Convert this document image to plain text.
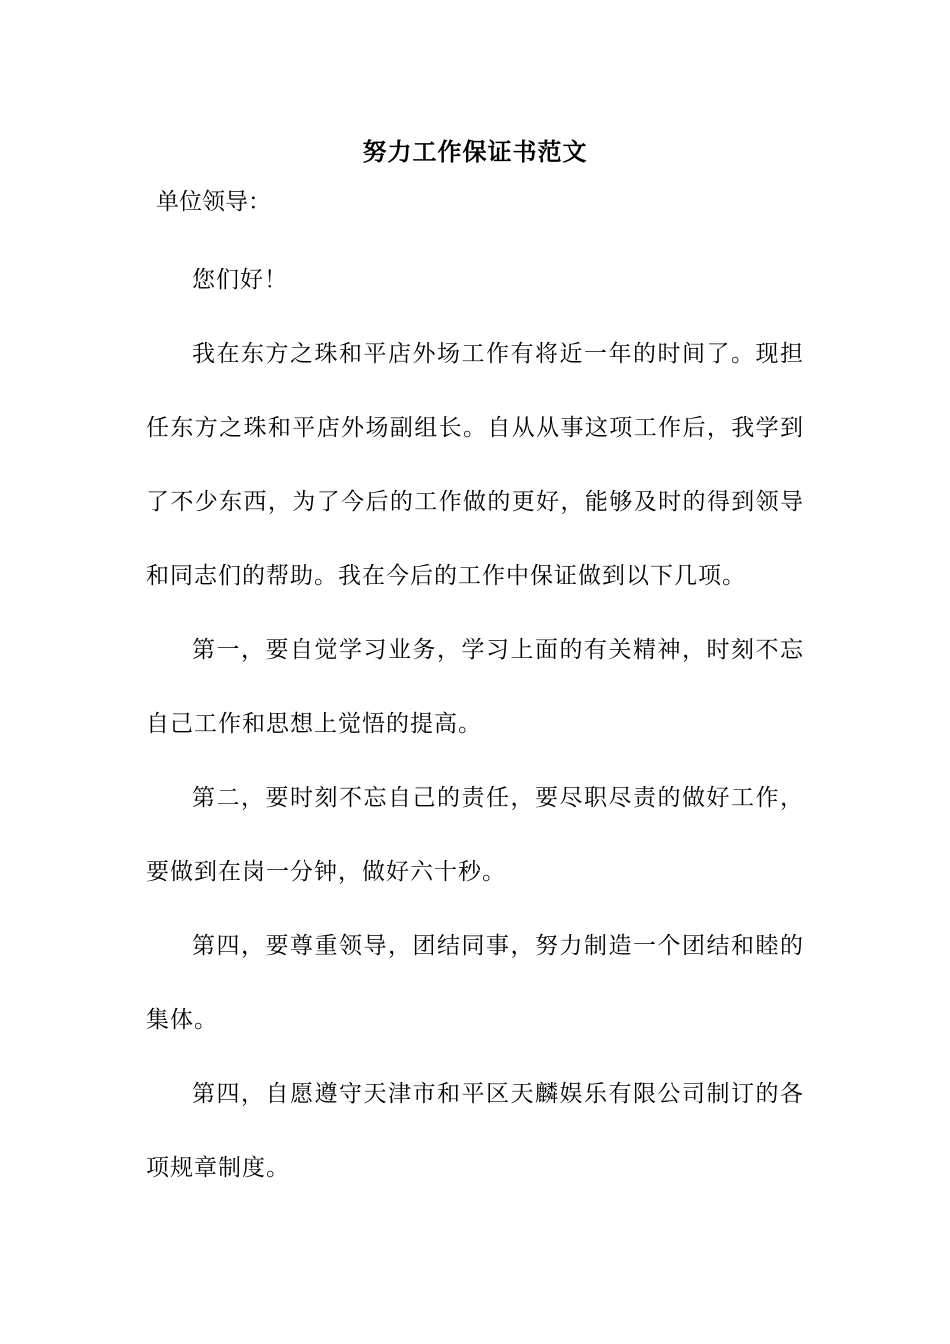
努力工作保证书范文
单位领导：

您们好！

我在东方之珠和平店外场工作有将近一年的时间了。现担任东方之珠和平店外场副组长。自从从事这项工作后，我学到了不少东西，为了今后的工作做的更好，能够及时的得到领导和同志们的帮助。我在今后的工作中保证做到以下几项。

第一，要自觉学习业务，学习上面的有关精神，时刻不忘自己工作和思想上觉悟的提高。

第二，要时刻不忘自己的责任，要尽职尽责的做好工作，要做到在岗一分钟，做好六十秒。

第四，要尊重领导，团结同事，努力制造一个团结和睦的集体。

第四，自愿遵守天津市和平区天麟娱乐有限公司制订的各项规章制度。
